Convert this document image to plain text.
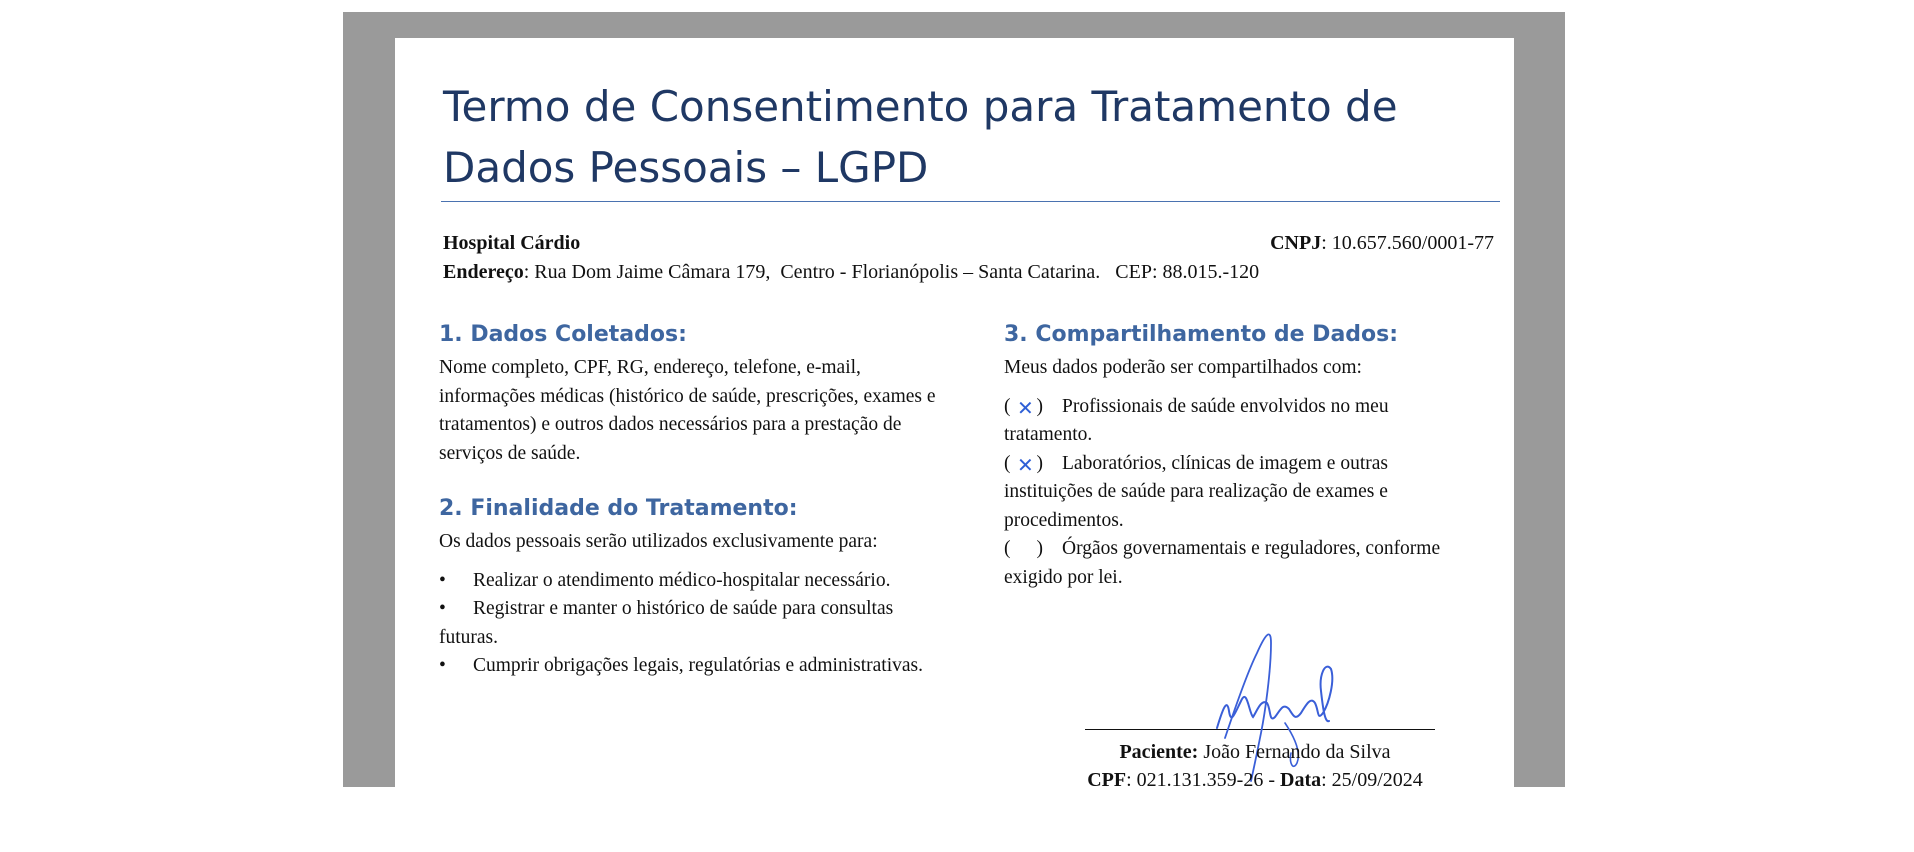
Termo de Consentimento para Tratamento de Dados Pessoais – LGPD
Hospital Cárdio	CNPJ: 10.657.560/0001-77
Endereço: Rua Dom Jaime Câmara 179,  Centro - Florianópolis – Santa Catarina.   CEP: 88.015.-120
1. Dados Coletados:

Nome completo, CPF, RG, endereço, telefone, e-mail, informações médicas (histórico de saúde, prescrições, exames e tratamentos) e outros dados necessários para a prestação de serviços de saúde.

2. Finalidade do Tratamento:

Os dados pessoais serão utilizados exclusivamente para:

• Realizar o atendimento médico-hospitalar necessário.
• Registrar e manter o histórico de saúde para consultas futuras.
• Cumprir obrigações legais, regulatórias e administrativas.
3. Compartilhamento de Dados:

Meus dados poderão ser compartilhados com:

( ✕ ) Profissionais de saúde envolvidos no meu tratamento.

( ✕ ) Laboratórios, clínicas de imagem e outras instituições de saúde para realização de exames e procedimentos.

( ) Órgãos governamentais e reguladores, conforme exigido por lei.

Paciente: João Fernando da Silva
CPF: 021.131.359-26 - Data: 25/09/2024
